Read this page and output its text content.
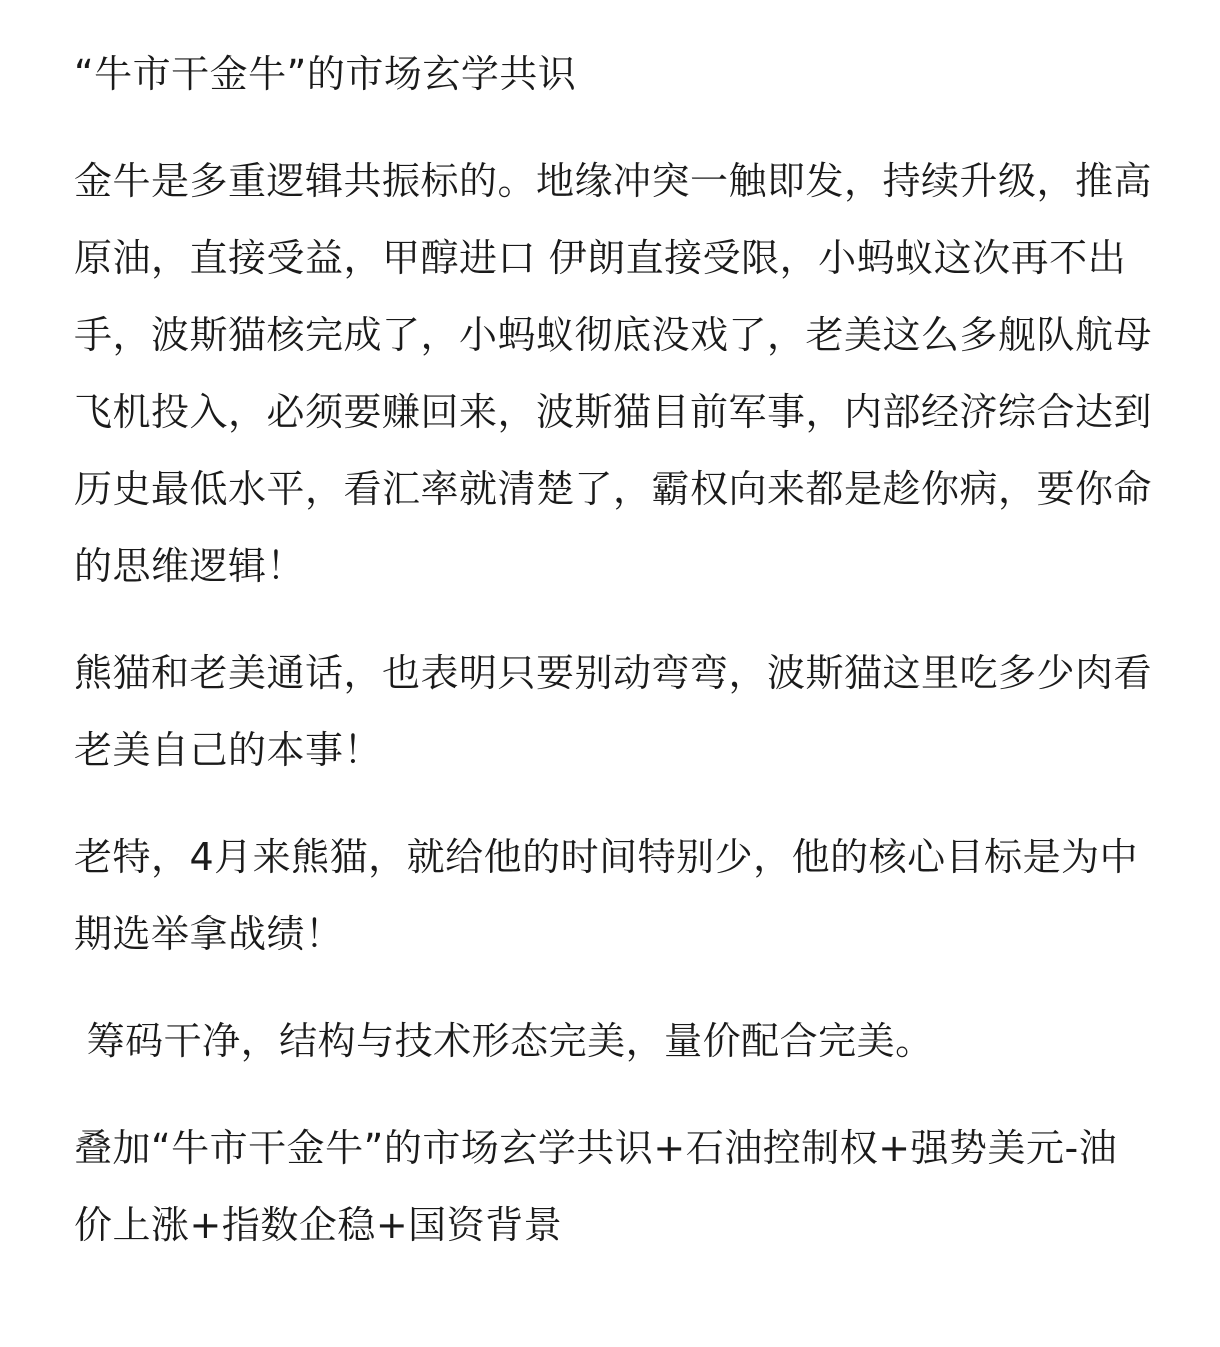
“牛市干金牛”的市场玄学共识

金牛是多重逻辑共振标的。地缘冲突一触即发，持续升级，推高原油，直接受益，甲醇进口 伊朗直接受限，小蚂蚁这次再不出手，波斯猫核完成了，小蚂蚁彻底没戏了，老美这么多舰队航母飞机投入，必须要赚回来，波斯猫目前军事，内部经济综合达到历史最低水平，看汇率就清楚了，霸权向来都是趁你病，要你命的思维逻辑！

熊猫和老美通话，也表明只要别动弯弯，波斯猫这里吃多少肉看老美自己的本事！

老特，4月来熊猫，就给他的时间特别少，他的核心目标是为中期选举拿战绩！

筹码干净，结构与技术形态完美，量价配合完美。

叠加“牛市干金牛”的市场玄学共识+石油控制权+强势美元-油价上涨+指数企稳+国资背景
